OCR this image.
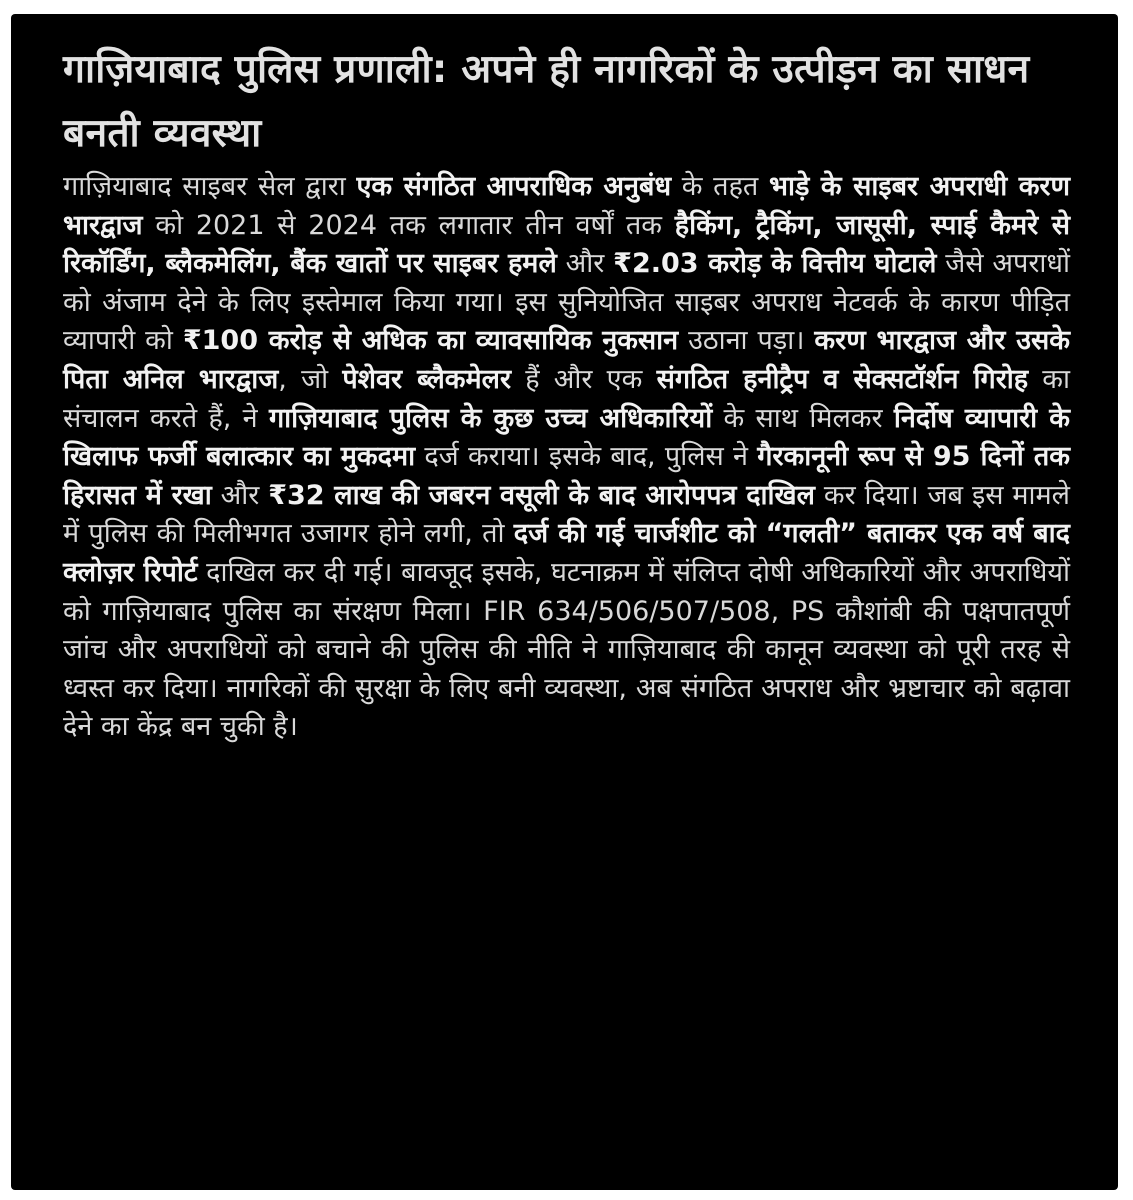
गाज़ियाबाद पुलिस प्रणाली: अपने ही नागरिकों के उत्पीड़न का साधन बनती व्यवस्था

गाज़ियाबाद साइबर सेल द्वारा एक संगठित आपराधिक अनुबंध के तहत भाड़े के साइबर अपराधी करण भारद्वाज को 2021 से 2024 तक लगातार तीन वर्षों तक हैकिंग, ट्रैकिंग, जासूसी, स्पाई कैमरे से रिकॉर्डिंग, ब्लैकमेलिंग, बैंक खातों पर साइबर हमले और ₹2.03 करोड़ के वित्तीय घोटाले जैसे अपराधों को अंजाम देने के लिए इस्तेमाल किया गया। इस सुनियोजित साइबर अपराध नेटवर्क के कारण पीड़ित व्यापारी को ₹100 करोड़ से अधिक का व्यावसायिक नुकसान उठाना पड़ा। करण भारद्वाज और उसके पिता अनिल भारद्वाज, जो पेशेवर ब्लैकमेलर हैं और एक संगठित हनीट्रैप व सेक्सटॉर्शन गिरोह का संचालन करते हैं, ने गाज़ियाबाद पुलिस के कुछ उच्च अधिकारियों के साथ मिलकर निर्दोष व्यापारी के खिलाफ फर्जी बलात्कार का मुकदमा दर्ज कराया। इसके बाद, पुलिस ने गैरकानूनी रूप से 95 दिनों तक हिरासत में रखा और ₹32 लाख की जबरन वसूली के बाद आरोपपत्र दाखिल कर दिया। जब इस मामले में पुलिस की मिलीभगत उजागर होने लगी, तो दर्ज की गई चार्जशीट को “गलती” बताकर एक वर्ष बाद क्लोज़र रिपोर्ट दाखिल कर दी गई। बावजूद इसके, घटनाक्रम में संलिप्त दोषी अधिकारियों और अपराधियों को गाज़ियाबाद पुलिस का संरक्षण मिला। FIR 634/506/507/508, PS कौशांबी की पक्षपातपूर्ण जांच और अपराधियों को बचाने की पुलिस की नीति ने गाज़ियाबाद की कानून व्यवस्था को पूरी तरह से ध्वस्त कर दिया। नागरिकों की सुरक्षा के लिए बनी व्यवस्था, अब संगठित अपराध और भ्रष्टाचार को बढ़ावा देने का केंद्र बन चुकी है।
